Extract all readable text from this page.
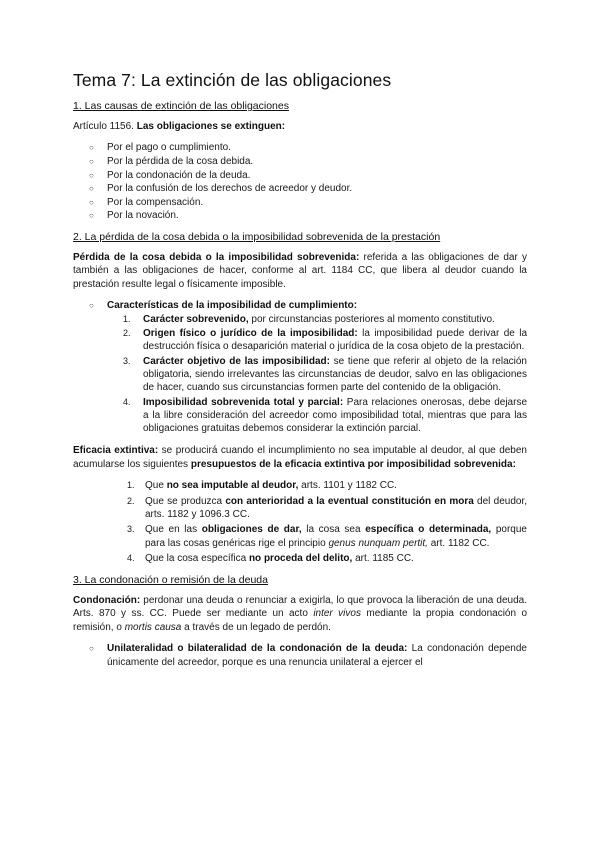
Tema 7: La extinción de las obligaciones
1. Las causas de extinción de las obligaciones

Artículo 1156. Las obligaciones se extinguen:

○ Por el pago o cumplimiento.
○ Por la pérdida de la cosa debida.
○ Por la condonación de la deuda.
○ Por la confusión de los derechos de acreedor y deudor.
○ Por la compensación.
○ Por la novación.
2. La pérdida de la cosa debida o la imposibilidad sobrevenida de la prestación

Pérdida de la cosa debida o la imposibilidad sobrevenida: referida a las obligaciones de dar y también a las obligaciones de hacer, conforme al art. 1184 CC, que libera al deudor cuando la prestación resulte legal o físicamente imposible.

○ Características de la imposibilidad de cumplimiento:
1. Carácter sobrevenido, por circunstancias posteriores al momento constitutivo.
2. Origen físico o jurídico de la imposibilidad: la imposibilidad puede derivar de la destrucción física o desaparición material o jurídica de la cosa objeto de la prestación.
3. Carácter objetivo de las imposibilidad: se tiene que referir al objeto de la relación obligatoria, siendo irrelevantes las circunstancias de deudor, salvo en las obligaciones de hacer, cuando sus circunstancias formen parte del contenido de la obligación.
4. Imposibilidad sobrevenida total y parcial: Para relaciones onerosas, debe dejarse a la libre consideración del acreedor como imposibilidad total, mientras que para las obligaciones gratuitas debemos considerar la extinción parcial.

Eficacia extintiva: se producirá cuando el incumplimiento no sea imputable al deudor, al que deben acumularse los siguientes presupuestos de la eficacia extintiva por imposibilidad sobrevenida:

1. Que no sea imputable al deudor, arts. 1101 y 1182 CC.
2. Que se produzca con anterioridad a la eventual constitución en mora del deudor, arts. 1182 y 1096.3 CC.
3. Que en las obligaciones de dar, la cosa sea específica o determinada, porque para las cosas genéricas rige el principio genus nunquam pertit, art. 1182 CC.
4. Que la cosa específica no proceda del delito, art. 1185 CC.
3. La condonación o remisión de la deuda

Condonación: perdonar una deuda o renunciar a exigirla, lo que provoca la liberación de una deuda. Arts. 870 y ss. CC. Puede ser mediante un acto inter vivos mediante la propia condonación o remisión, o mortis causa a través de un legado de perdón.

○ Unilateralidad o bilateralidad de la condonación de la deuda: La condonación depende únicamente del acreedor, porque es una renuncia unilateral a ejercer el
